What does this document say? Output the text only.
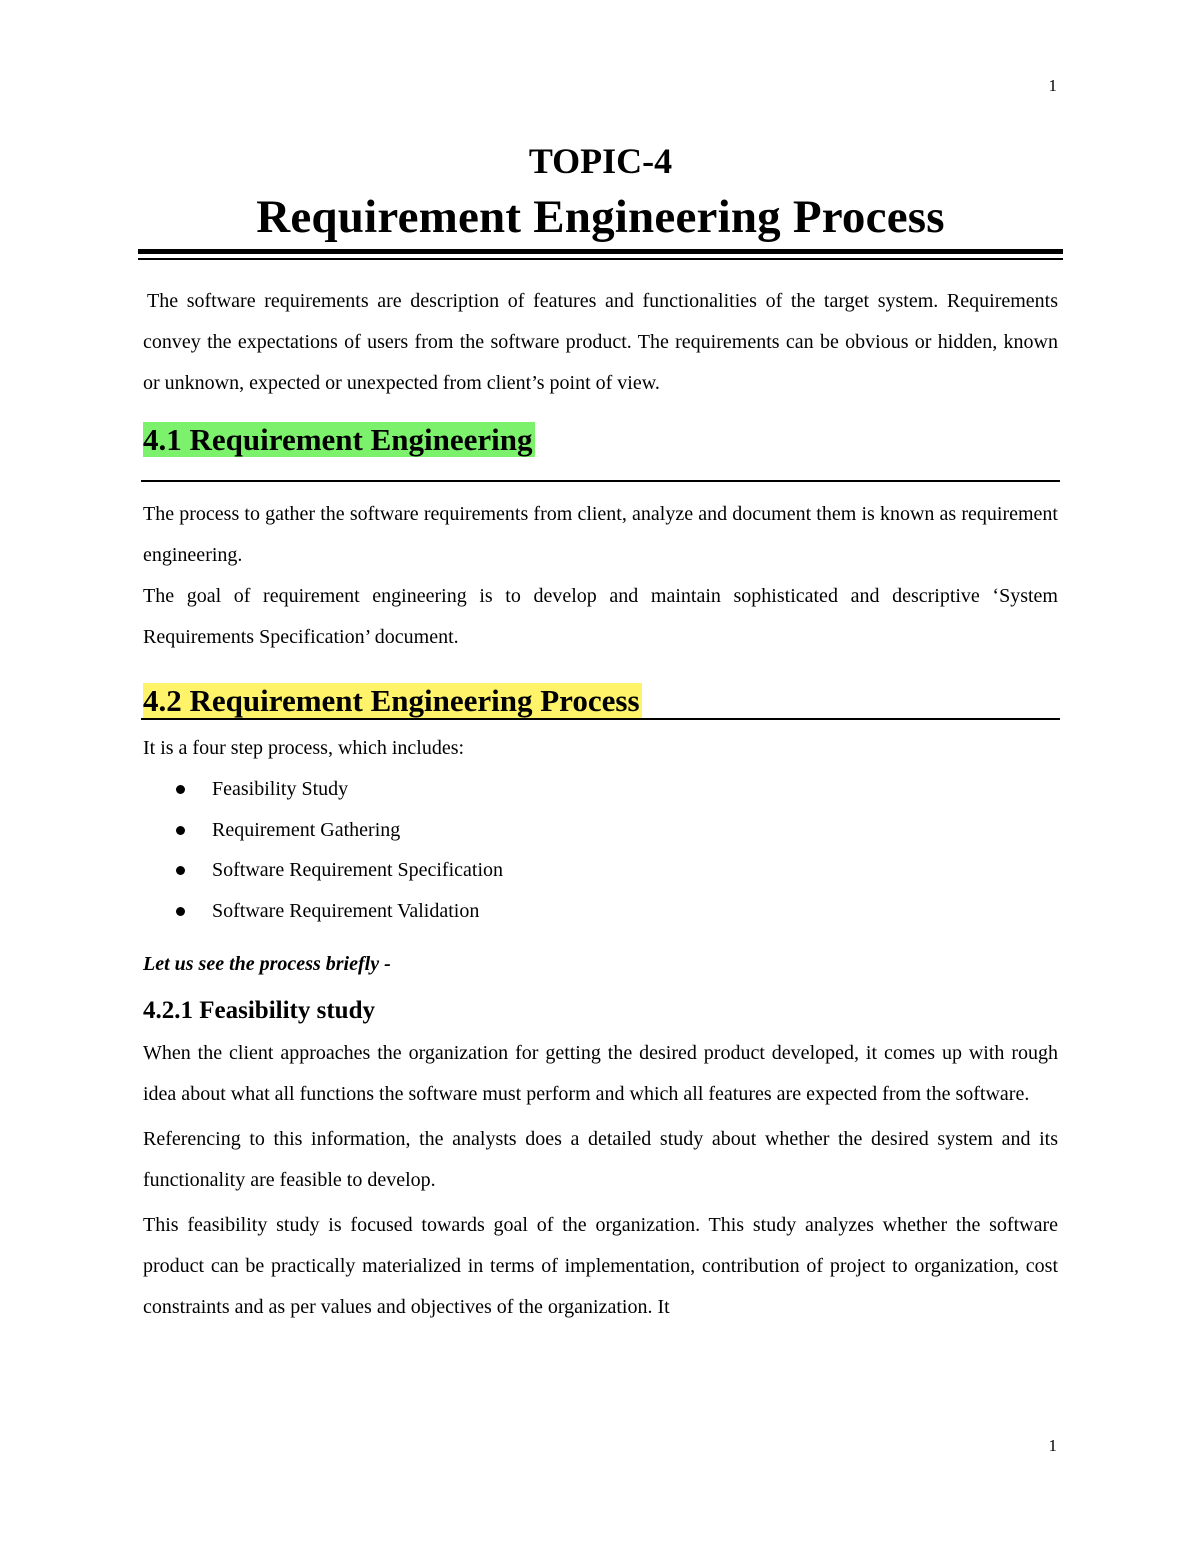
1
TOPIC-4
Requirement Engineering Process

The software requirements are description of features and functionalities of the target system. Requirements convey the expectations of users from the software product. The requirements can be obvious or hidden, known or unknown, expected or unexpected from client’s point of view.

4.1 Requirement Engineering

The process to gather the software requirements from client, analyze and document them is known as requirement engineering.

The goal of requirement engineering is to develop and maintain sophisticated and descriptive ‘System Requirements Specification’ document.

4.2 Requirement Engineering Process

It is a four step process, which includes:

Feasibility Study
Requirement Gathering
Software Requirement Specification
Software Requirement Validation
Let us see the process briefly -
4.2.1 Feasibility study

When the client approaches the organization for getting the desired product developed, it comes up with rough idea about what all functions the software must perform and which all features are expected from the software.

Referencing to this information, the analysts does a detailed study about whether the desired system and its functionality are feasible to develop.

This feasibility study is focused towards goal of the organization. This study analyzes whether the software product can be practically materialized in terms of implementation, contribution of project to organization, cost constraints and as per values and objectives of the organization. It

1
